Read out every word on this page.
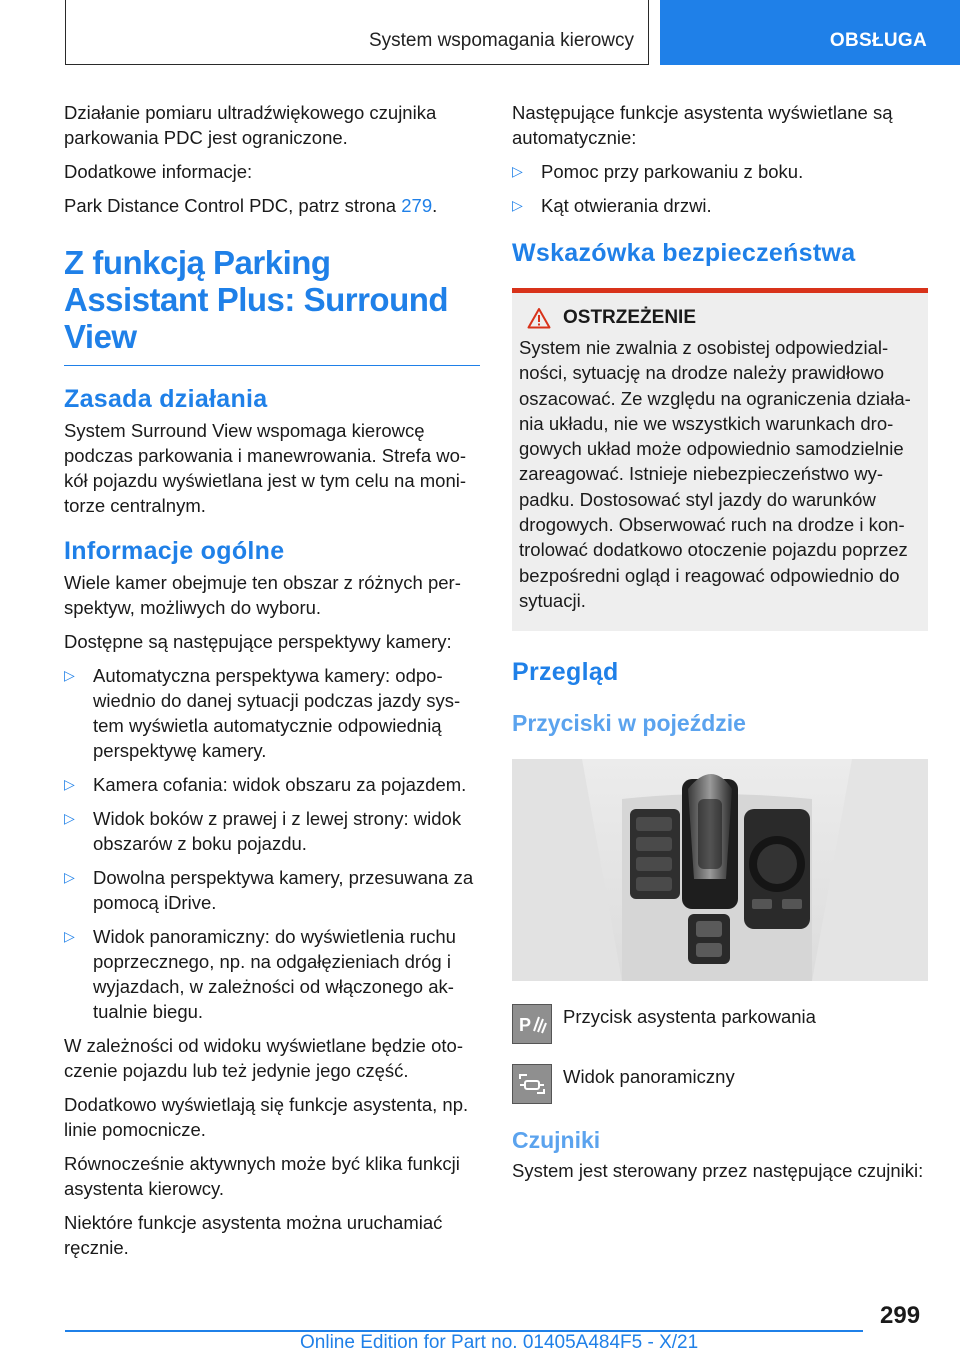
System wspomagania kierowcy	OBSŁUGA

Działanie pomiaru ultradźwiękowego czujnika parkowania PDC jest ograniczone.

Dodatkowe informacje:

Park Distance Control PDC, patrz strona 279.

Z funkcją Parking Assistant Plus: Surround View
Zasada działania

System Surround View wspomaga kierowcę podczas parkowania i manewrowania. Strefa wokół pojazdu wyświetlana jest w tym celu na monitorze centralnym.

Informacje ogólne

Wiele kamer obejmuje ten obszar z różnych perspektyw, możliwych do wyboru.

Dostępne są następujące perspektywy kamery:

▷ Automatyczna perspektywa kamery: odpowiednio do danej sytuacji podczas jazdy system wyświetla automatycznie odpowiednią perspektywę kamery.
▷ Kamera cofania: widok obszaru za pojazdem.
▷ Widok boków z prawej i z lewej strony: widok obszarów z boku pojazdu.
▷ Dowolna perspektywa kamery, przesuwana za pomocą iDrive.
▷ Widok panoramiczny: do wyświetlenia ruchu poprzecznego, np. na odgałęzieniach dróg i wyjazdach, w zależności od włączonego aktualnie biegu.

W zależności od widoku wyświetlane będzie otoczenie pojazdu lub też jedynie jego część.

Dodatkowo wyświetlają się funkcje asystenta, np. linie pomocnicze.

Równocześnie aktywnych może być klika funkcji asystenta kierowcy.

Niektóre funkcje asystenta można uruchamiać ręcznie.

Następujące funkcje asystenta wyświetlane są automatycznie:

▷ Pomoc przy parkowaniu z boku.
▷ Kąt otwierania drzwi.
Wskazówka bezpieczeństwa
OSTRZEŻENIE

System nie zwalnia z osobistej odpowiedzialności, sytuację na drodze należy prawidłowo oszacować. Ze względu na ograniczenia działania układu, nie we wszystkich warunkach drogowych układ może odpowiednio samodzielnie zareagować. Istnieje niebezpieczeństwo wypadku. Dostosować styl jazdy do warunków drogowych. Obserwować ruch na drodze i kontrolować dodatkowo otoczenie pojazdu poprzez bezpośredni ogląd i reagować odpowiednio do sytuacji.

Przegląd
Przyciski w pojeździe
P Przycisk asystenta parkowania
Widok panoramiczny
Czujniki

System jest sterowany przez następujące czujniki:

299
Online Edition for Part no. 01405A484F5 - X/21
